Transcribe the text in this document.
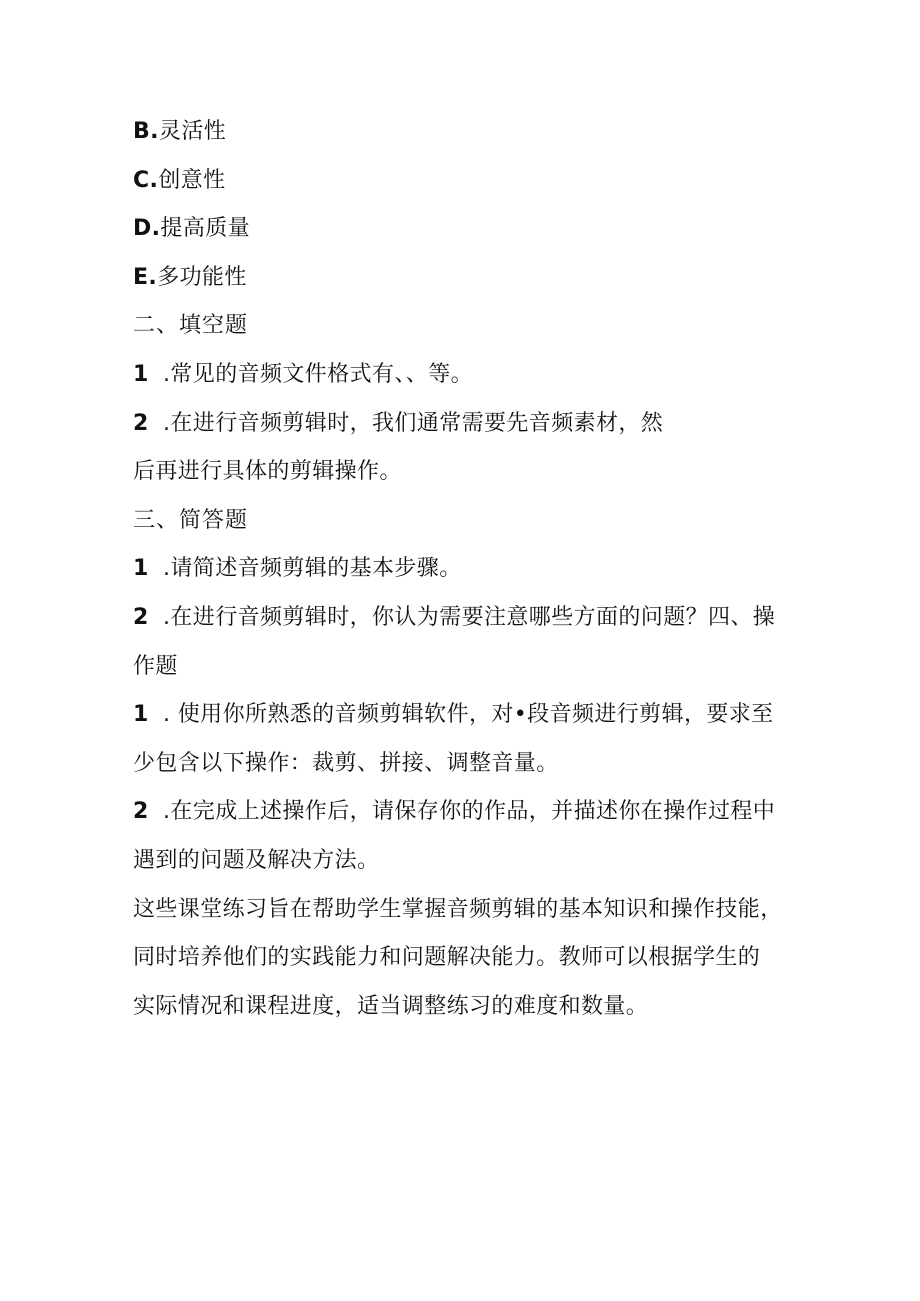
B.灵活性
C.创意性
D.提高质量
E.多功能性
二、填空题
1 .常见的音频文件格式有、、等。
2 .在进行音频剪辑时，我们通常需要先音频素材，然
后再进行具体的剪辑操作。
三、简答题
1 .请简述音频剪辑的基本步骤。
2 .在进行音频剪辑时，你认为需要注意哪些方面的问题？四、操
作题
1 . 使用你所熟悉的音频剪辑软件，对•段音频进行剪辑，要求至
少包含以下操作：裁剪、拼接、调整音量。
2 .在完成上述操作后，请保存你的作品，并描述你在操作过程中
遇到的问题及解决方法。
这些课堂练习旨在帮助学生掌握音频剪辑的基本知识和操作技能，
同时培养他们的实践能力和问题解决能力。教师可以根据学生的
实际情况和课程进度，适当调整练习的难度和数量。
